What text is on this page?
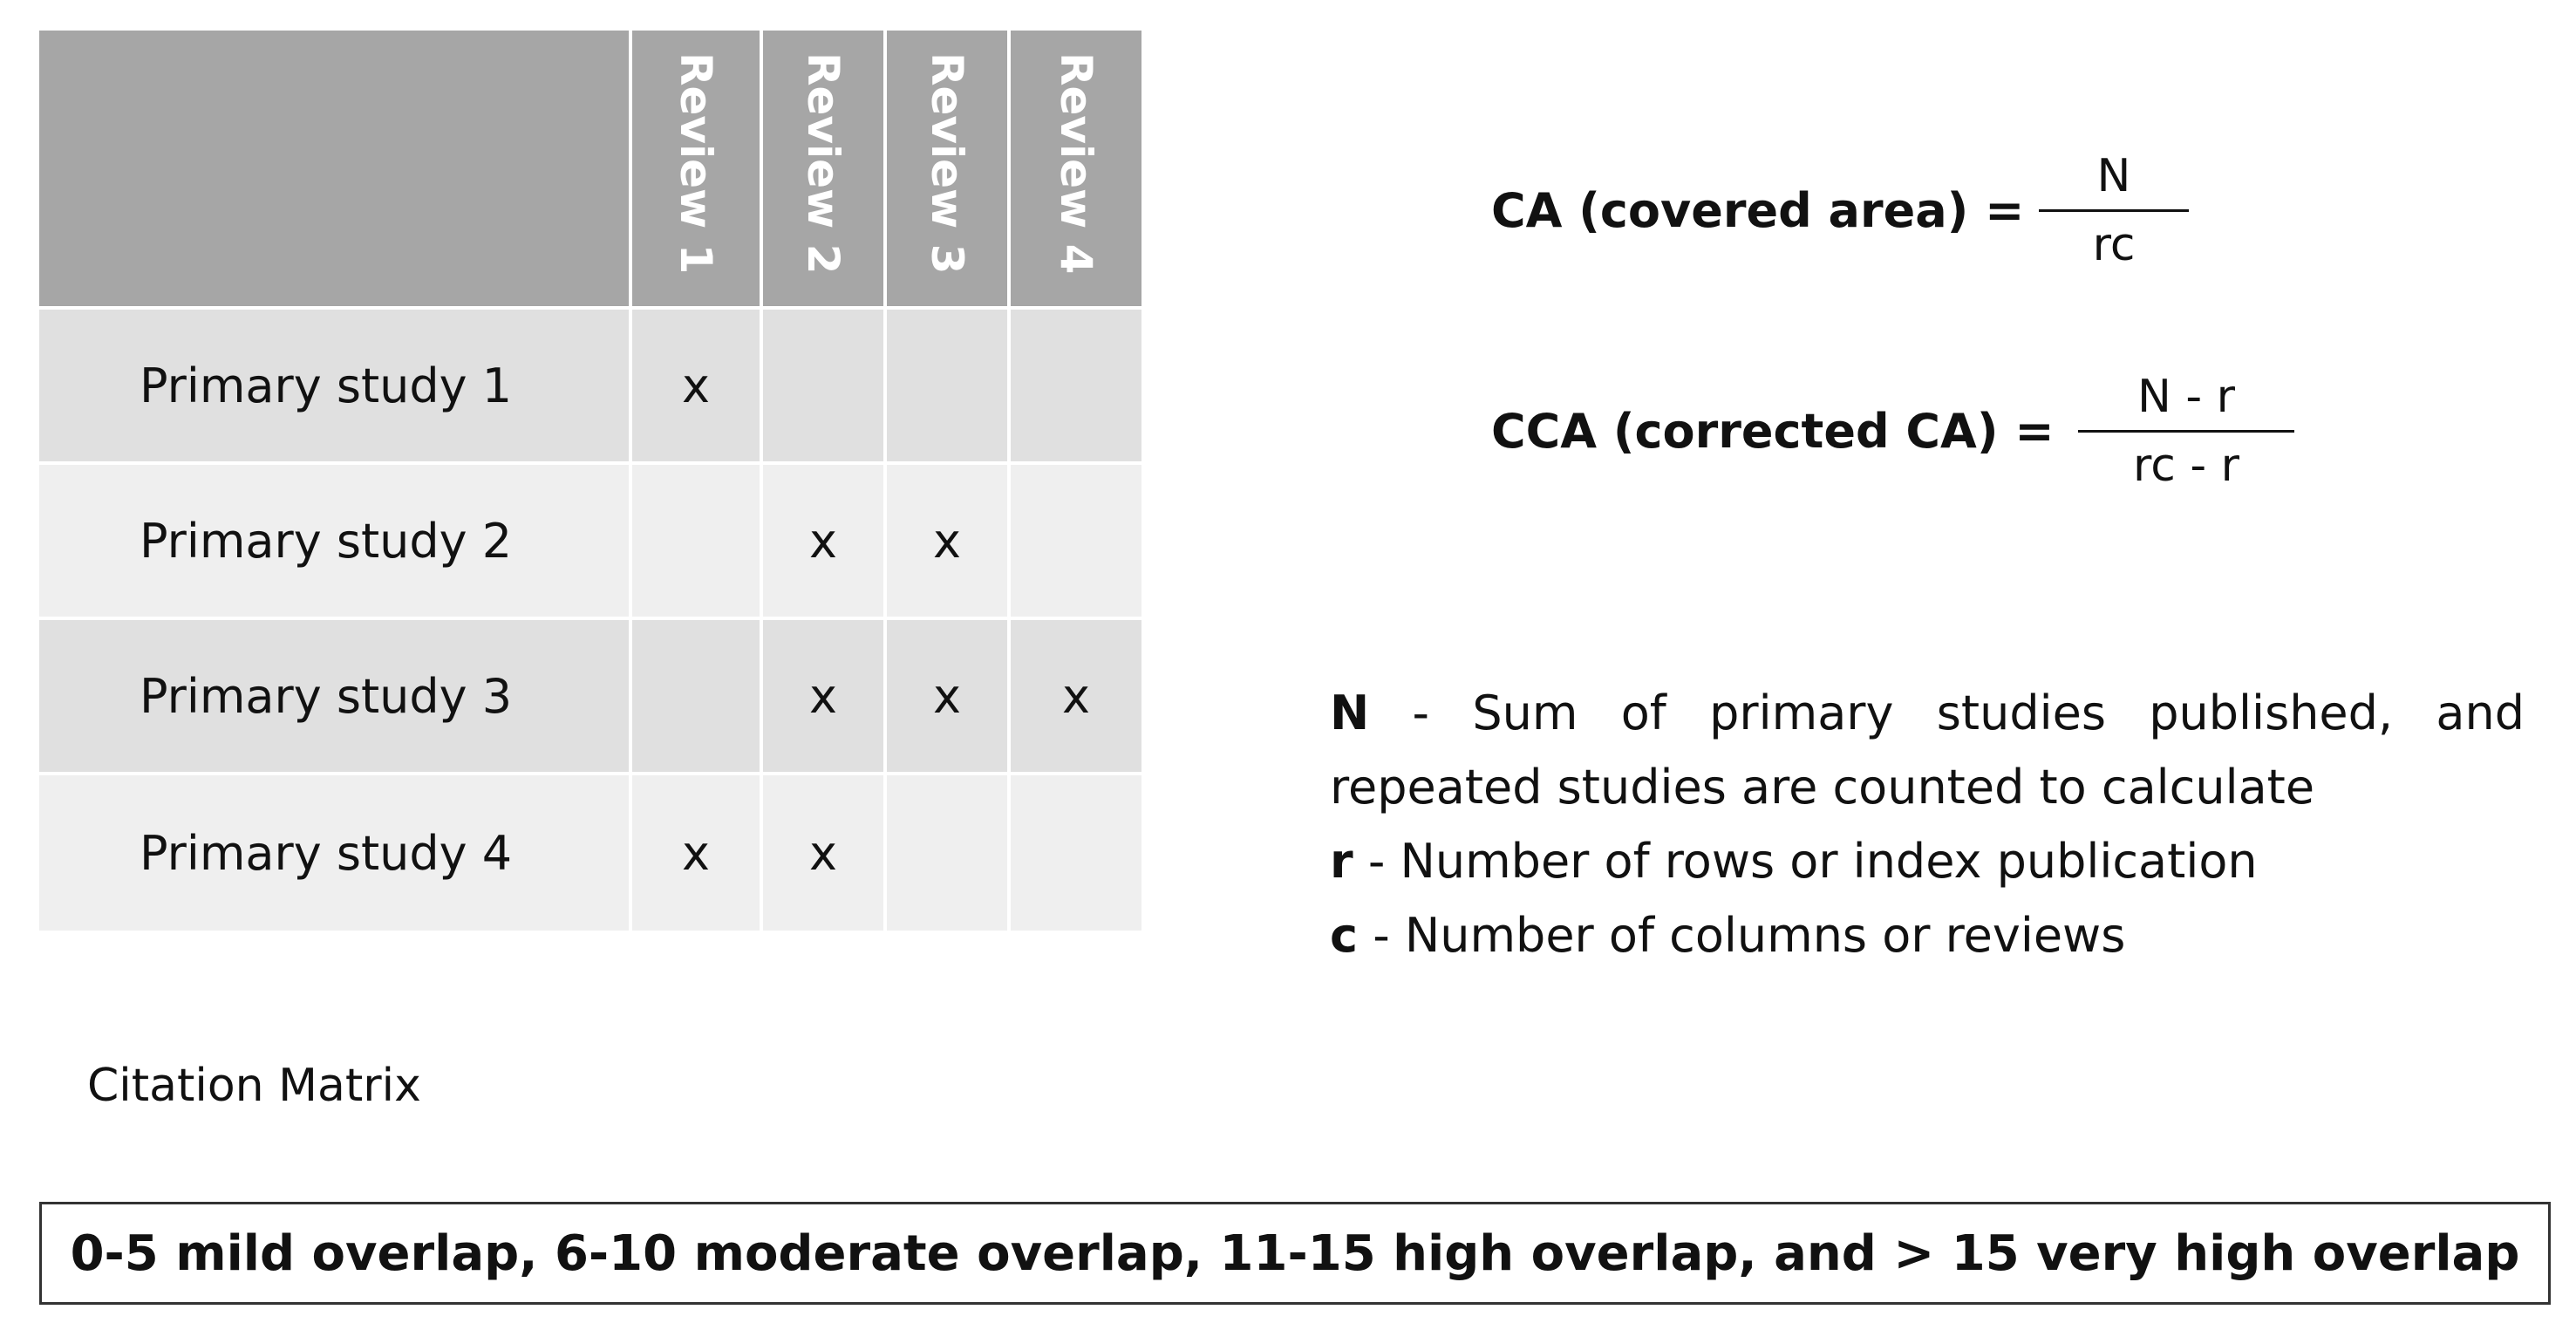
	Review 1	Review 2	Review 3	Review 4
Primary study 1	x			
Primary study 2		x	x	
Primary study 3		x	x	x
Primary study 4	x	x		
Citation Matrix
CA (covered area) =
N
rc
CCA (corrected CA) =
N - r
rc - r

N - Sum of primary studies published, and repeated studies are counted to calculate

r - Number of rows or index publication

c - Number of columns or reviews

0-5 mild overlap, 6-10 moderate overlap, 11-15 high overlap, and > 15 very high overlap
